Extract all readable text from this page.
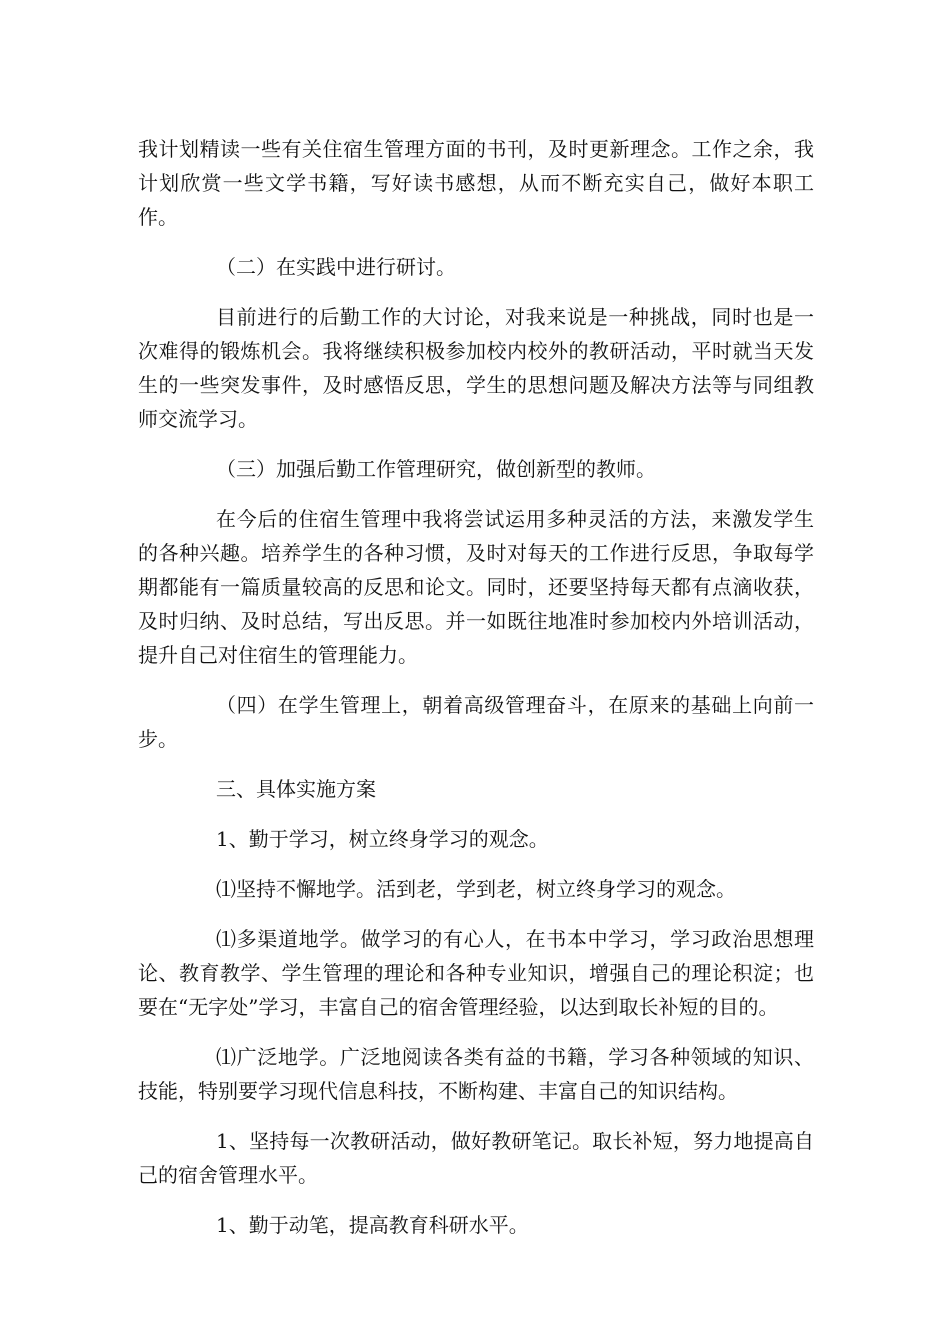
我计划精读一些有关住宿生管理方面的书刊，及时更新理念。工作之余，我计划欣赏一些文学书籍，写好读书感想，从而不断充实自己，做好本职工作。

（二）在实践中进行研讨。

目前进行的后勤工作的大讨论，对我来说是一种挑战，同时也是一次难得的锻炼机会。我将继续积极参加校内校外的教研活动，平时就当天发生的一些突发事件，及时感悟反思，学生的思想问题及解决方法等与同组教师交流学习。

（三）加强后勤工作管理研究，做创新型的教师。

在今后的住宿生管理中我将尝试运用多种灵活的方法，来激发学生的各种兴趣。培养学生的各种习惯，及时对每天的工作进行反思，争取每学期都能有一篇质量较高的反思和论文。同时，还要坚持每天都有点滴收获，及时归纳、及时总结，写出反思。并一如既往地准时参加校内外培训活动，提升自己对住宿生的管理能力。

（四）在学生管理上，朝着高级管理奋斗，在原来的基础上向前一步。

三、具体实施方案

1、勤于学习，树立终身学习的观念。

⑴坚持不懈地学。活到老，学到老，树立终身学习的观念。

⑴多渠道地学。做学习的有心人，在书本中学习，学习政治思想理论、教育教学、学生管理的理论和各种专业知识，增强自己的理论积淀；也要在“无字处”学习，丰富自己的宿舍管理经验，以达到取长补短的目的。

⑴广泛地学。广泛地阅读各类有益的书籍，学习各种领域的知识、技能，特别要学习现代信息科技，不断构建、丰富自己的知识结构。

1、坚持每一次教研活动，做好教研笔记。取长补短，努力地提高自己的宿舍管理水平。

1、勤于动笔，提高教育科研水平。
